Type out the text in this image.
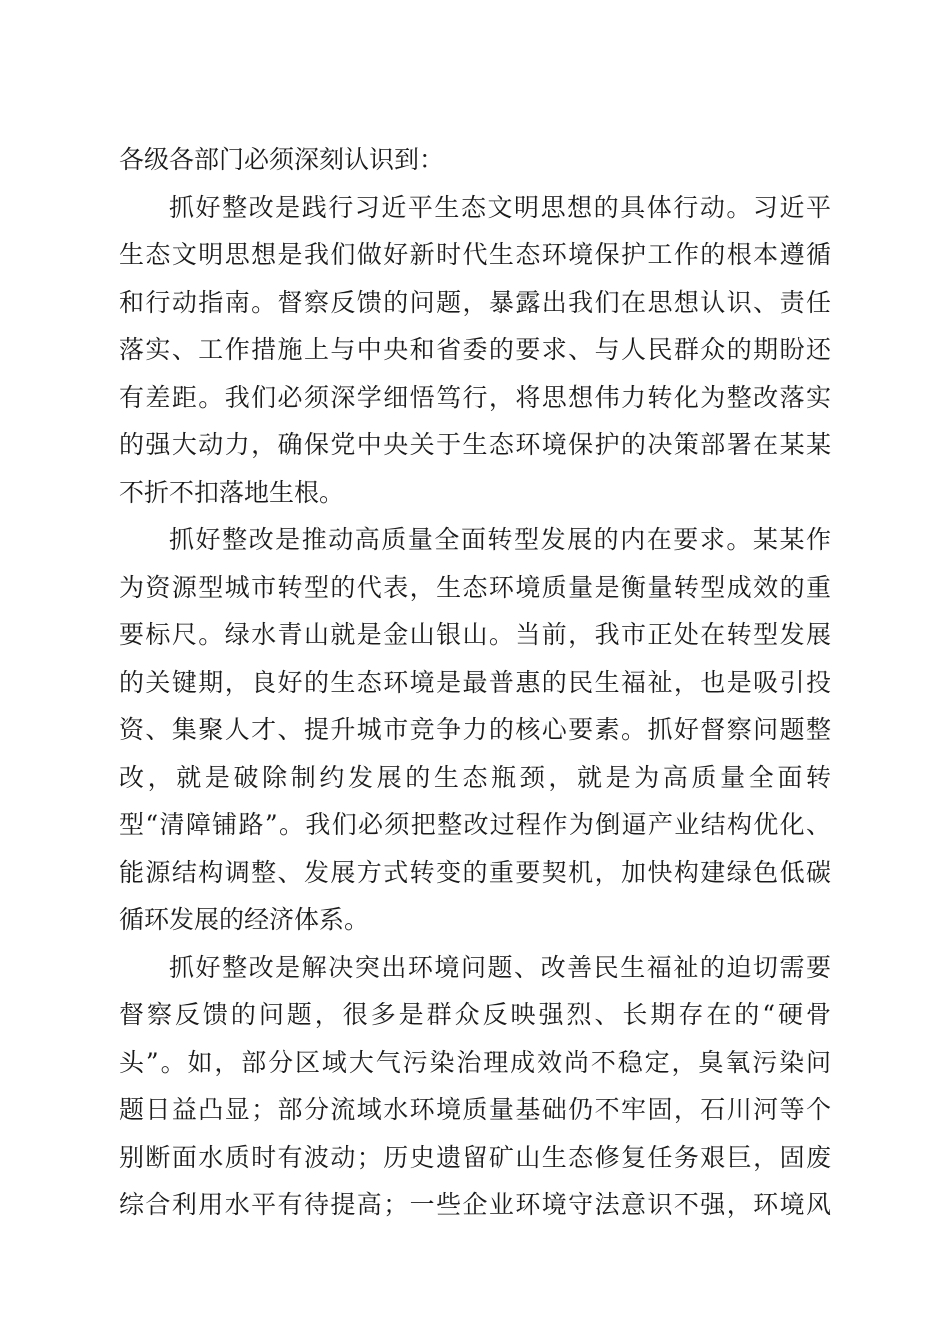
各级各部门必须深刻认识到：
抓好整改是践行习近平生态文明思想的具体行动。习近平
生态文明思想是我们做好新时代生态环境保护工作的根本遵循
和行动指南。督察反馈的问题，暴露出我们在思想认识、责任
落实、工作措施上与中央和省委的要求、与人民群众的期盼还
有差距。我们必须深学细悟笃行，将思想伟力转化为整改落实
的强大动力，确保党中央关于生态环境保护的决策部署在某某
不折不扣落地生根。
抓好整改是推动高质量全面转型发展的内在要求。某某作
为资源型城市转型的代表，生态环境质量是衡量转型成效的重
要标尺。绿水青山就是金山银山。当前，我市正处在转型发展
的关键期，良好的生态环境是最普惠的民生福祉，也是吸引投
资、集聚人才、提升城市竞争力的核心要素。抓好督察问题整
改，就是破除制约发展的生态瓶颈，就是为高质量全面转
型“清障铺路”。我们必须把整改过程作为倒逼产业结构优化、
能源结构调整、发展方式转变的重要契机，加快构建绿色低碳
循环发展的经济体系。
抓好整改是解决突出环境问题、改善民生福祉的迫切需要
督察反馈的问题，很多是群众反映强烈、长期存在的“硬骨
头”。如，部分区域大气污染治理成效尚不稳定，臭氧污染问
题日益凸显；部分流域水环境质量基础仍不牢固，石川河等个
别断面水质时有波动；历史遗留矿山生态修复任务艰巨，固废
综合利用水平有待提高；一些企业环境守法意识不强，环境风
